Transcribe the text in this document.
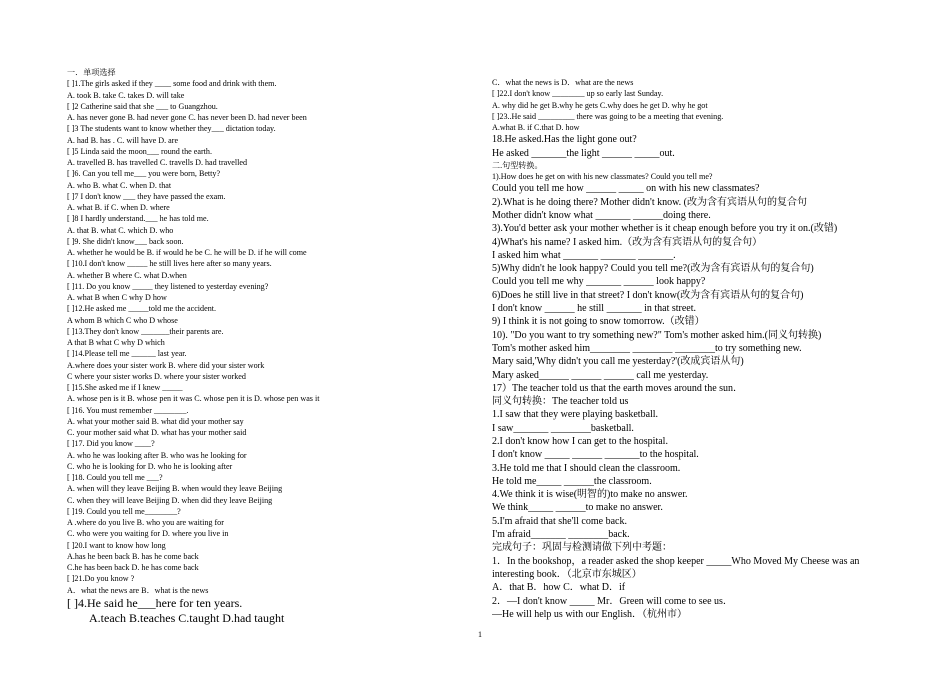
一．单项选择
[ ]1.The girls asked if they ____ some food and drink with them.
A. took B. take C. takes D. will take
[ ]2 Catherine said that she ___ to Guangzhou.
A. has never gone B. had never gone C. has never been D. had never been
[ ]3 The students want to know whether they___ dictation today.
A. had B. has . C. will have D. are
[ ]5 Linda said the moon___ round the earth.
A. travelled B. has travelled C. travells D. had travelled
[ ]6. Can you tell me___ you were born, Betty?
A. who B. what C. when D. that
[ ]7 I don't know ___ they have passed the exam.
A. what B. if C. when D. where
[ ]8 I hardly understand.___ he has told me.
A. that B. what C. which D. who
[ ]9. She didn't know___ back soon.
A. whether he would be B. if would he be C. he will be D. if he will come
[ ]10.I don't know _____ he still lives here after so many years.
A. whether B where C. what D.when
[ ]11. Do you know _____ they listened to yesterday evening?
A. what B when C why D how
[ ]12.He asked me _____told me the accident.
A whom B which C who D whose
[ ]13.They don't know _______their parents are.
A that B what C why D which
[ ]14.Please tell me ______ last year.
A.where does your sister work B. where did your sister work
C where your sister works D. where your sister worked
[ ]15.She asked me if I knew _____
A. whose pen is it B. whose pen it was C. whose pen it is D. whose pen was it
[ ]16. You must remember ________.
A. what your mother said B. what did your mother say
C. your mother said what D. what has your mother said
[ ]17. Did you know ____?
A. who he was looking after B. who was he looking for
C. who he is looking for D. who he is looking after
[ ]18. Could you tell me ___?
A. when will they leave Beijing B. when would they leave Beijing
C. when they will leave Beijing D. when did they leave Beijing
[ ]19. Could you tell me________?
A .where do you live B. who you are waiting for
C. who were you waiting for D. where you live in
[ ]20.I want to know how long
A.has he been back B. has he come back
C.he has been back D. he has come back
[ ]21.Do you know ?
A．what the news are B．what is the news
[ ]4.He said he___here for ten years.
A.teach B.teaches C.taught D.had taught
C．what the news is D．what are the news
[ ]22.I don't know ________ up so early last Sunday.
A. why did he get B.why he gets C.why does he get D. why he got
[ ]23..He said _________ there was going to be a meeting that evening.
A.what B. if C.that D. how
18.He asked.Has the light gone out?
He asked _______the light ______ _____out.
二.句型转换。
1).How does he get on with his new classmates? Could you tell me?
Could you tell me how ______ _____ on with his new classmates?
2).What is he doing there? Mother didn't know. (改为含有宾语从句的复合句
Mother didn't know what _______ ______doing there.
3).You'd better ask your mother whether is it cheap enough before you try it on.(改错)
4)What's his name? I asked him.（改为含有宾语从句的复合句）
I asked him what _______ _______ _______.
5)Why didn't he look happy? Could you tell me?(改为含有宾语从句的复合句)
Could you tell me why _______ ______ look happy?
6)Does he still live in that street? I don't know(改为含有宾语从句的复合句)
I don't know ______ he still _______ in that street.
9) I think it is not going to snow tomorrow.（改错）
10). "Do you want to try something new?" Tom's mother asked him.(同义句转换)
Tom's mother asked him________ ________ ________to try something new.
Mary said,'Why didn't you call me yesterday?'(改成宾语从句)
Mary asked______ ______ ______ call me yesterday.
17）The teacher told us that the earth moves around the sun．
同义句转换：The teacher told us
1.I saw that they were playing basketball.
I saw_______ ________basketball.
2.I don't know how I can get to the hospital.
I don't know _____ ______ _______to the hospital.
3.He told me that I should clean the classroom.
He told me_____ ______the classroom.
4.We think it is wise(明智的)to make no answer.
We think_____ ______to make no answer.
5.I'm afraid that she'll come back.
I'm afraid_______ ________back.
完成句子：巩固与检测请做下列中考题：
1．In the bookshop，a reader asked the shop keeper _____Who Moved My Cheese was an
interesting book．（北京市东城区）
A．that B．how C．what D．if
2．—I don't know _____ Mr．Green will come to see us．
—He will help us with our English．（杭州市）
1
